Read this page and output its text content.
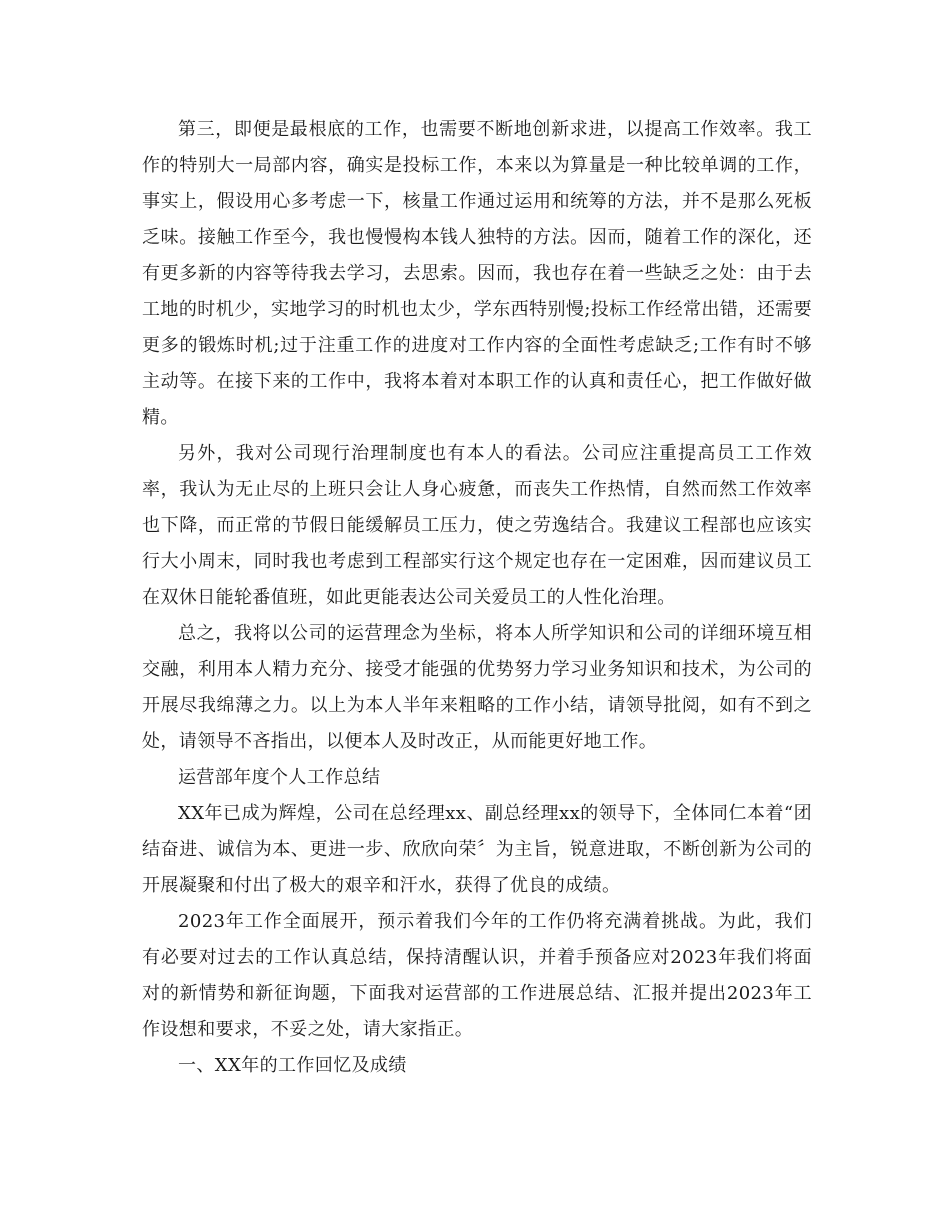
第三，即便是最根底的工作，也需要不断地创新求进，以提高工作效率。我工作的特别大一局部内容，确实是投标工作，本来以为算量是一种比较单调的工作，事实上，假设用心多考虑一下，核量工作通过运用和统筹的方法，并不是那么死板乏味。接触工作至今，我也慢慢构本钱人独特的方法。因而，随着工作的深化，还有更多新的内容等待我去学习，去思索。因而，我也存在着一些缺乏之处：由于去工地的时机少，实地学习的时机也太少，学东西特别慢;投标工作经常出错，还需要更多的锻炼时机;过于注重工作的进度对工作内容的全面性考虑缺乏;工作有时不够主动等。在接下来的工作中，我将本着对本职工作的认真和责任心，把工作做好做精。

另外，我对公司现行治理制度也有本人的看法。公司应注重提高员工工作效率，我认为无止尽的上班只会让人身心疲惫，而丧失工作热情，自然而然工作效率也下降，而正常的节假日能缓解员工压力，使之劳逸结合。我建议工程部也应该实行大小周末，同时我也考虑到工程部实行这个规定也存在一定困难，因而建议员工在双休日能轮番值班，如此更能表达公司关爱员工的人性化治理。

总之，我将以公司的运营理念为坐标，将本人所学知识和公司的详细环境互相交融，利用本人精力充分、接受才能强的优势努力学习业务知识和技术，为公司的开展尽我绵薄之力。以上为本人半年来粗略的工作小结，请领导批阅，如有不到之处，请领导不吝指出，以便本人及时改正，从而能更好地工作。

运营部年度个人工作总结

XX年已成为辉煌，公司在总经理xx、副总经理xx的领导下，全体同仁本着“团结奋进、诚信为本、更进一步、欣欣向荣〞为主旨，锐意进取，不断创新为公司的开展凝聚和付出了极大的艰辛和汗水，获得了优良的成绩。

2023年工作全面展开，预示着我们今年的工作仍将充满着挑战。为此，我们有必要对过去的工作认真总结，保持清醒认识，并着手预备应对2023年我们将面对的新情势和新征询题，下面我对运营部的工作进展总结、汇报并提出2023年工作设想和要求，不妥之处，请大家指正。

一、XX年的工作回忆及成绩
